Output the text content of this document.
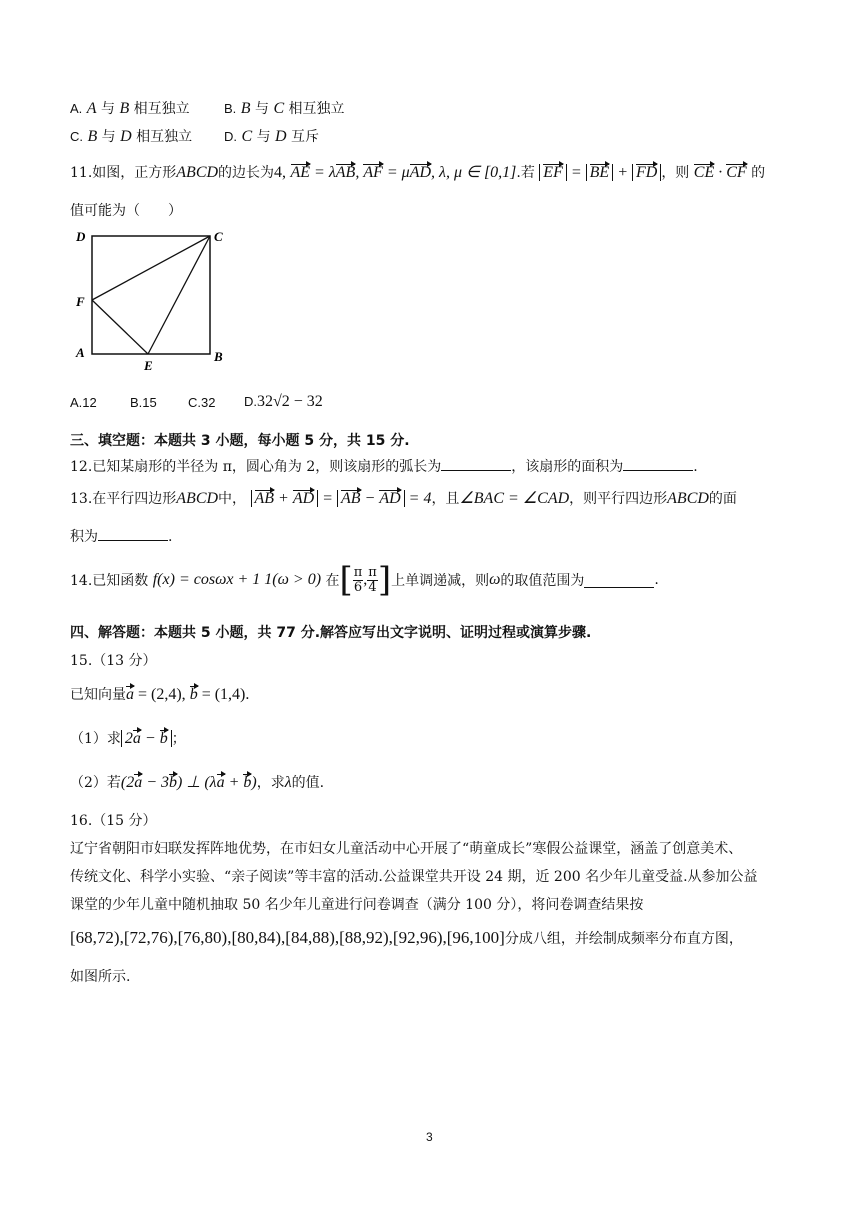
A. A 与 B 相互独立	B. B 与 C 相互独立
C. B 与 D 相互独立 D. C 与 D 互斥
11.如图，正方形ABCD的边长为4, AE = λAB, AF = μAD, λ, μ ∈ [0,1].若 EF = BE + FD ，则 CE · CF 的
值可能为（　　）
D	C
F
A
E
B
A.12	B.15 C.32 D.32√2 − 32
三、填空题：本题共 3 小题，每小题 5 分，共 15 分.
12.已知某扇形的半径为 π，圆心角为 2，则该扇形的弧长为	，该扇形的面积为	.
13.在平行四边形ABCD中， AB + AD = AB − AD = 4，且∠BAC = ∠CAD，则平行四边形ABCD的面
积为	.
14.已知函数 f(x) = cosωx + 1 1(ω > 0) 在[ $\frac{\pi}{6}$ , $\frac{\pi}{4}$ ]上单调递减，则ω的取值范围为	.
四、解答题：本题共 5 小题，共 77 分.解答应写出文字说明、证明过程或演算步骤.
15.（13 分）
已知向量a = (2,4), b = (1,4).
（1）求 2a − b ；
（2）若(2a − 3b) ⊥ (λa + b)，求λ的值.
16.（15 分）
辽宁省朝阳市妇联发挥阵地优势，在市妇女儿童活动中心开展了“萌童成长”寒假公益课堂，涵盖了创意美术、
传统文化、科学小实验、“亲子阅读”等丰富的活动.公益课堂共开设 24 期，近 200 名少年儿童受益.从参加公益
课堂的少年儿童中随机抽取 50 名少年儿童进行问卷调查（满分 100 分），将问卷调查结果按
[68,72),[72,76),[76,80),[80,84),[84,88),[88,92),[92,96),[96,100]分成八组，并绘制成频率分布直方图，
如图所示.
3
